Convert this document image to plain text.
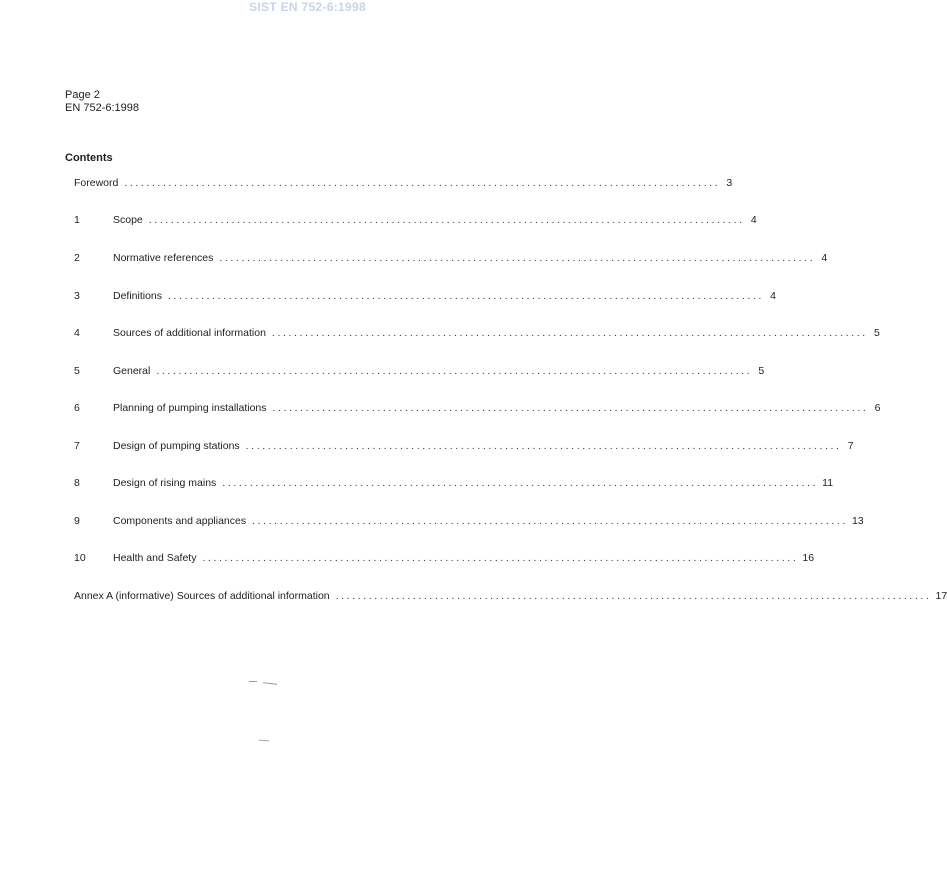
SIST EN 752-6:1998
Page 2
EN 752-6:1998
Contents
Foreword ............................................................................................................ 3
1	Scope ............................................................................................................ 4
2	Normative references ............................................................................................................ 4
3	Definitions ............................................................................................................ 4
4	Sources of additional information ............................................................................................................ 5
5	General ............................................................................................................ 5
6	Planning of pumping installations ............................................................................................................ 6
7	Design of pumping stations ............................................................................................................ 7
8	Design of rising mains ............................................................................................................ 11
9	Components and appliances ............................................................................................................ 13
10	Health and Safety ............................................................................................................ 16
Annex A (informative) Sources of additional information ............................................................................................................ 17
